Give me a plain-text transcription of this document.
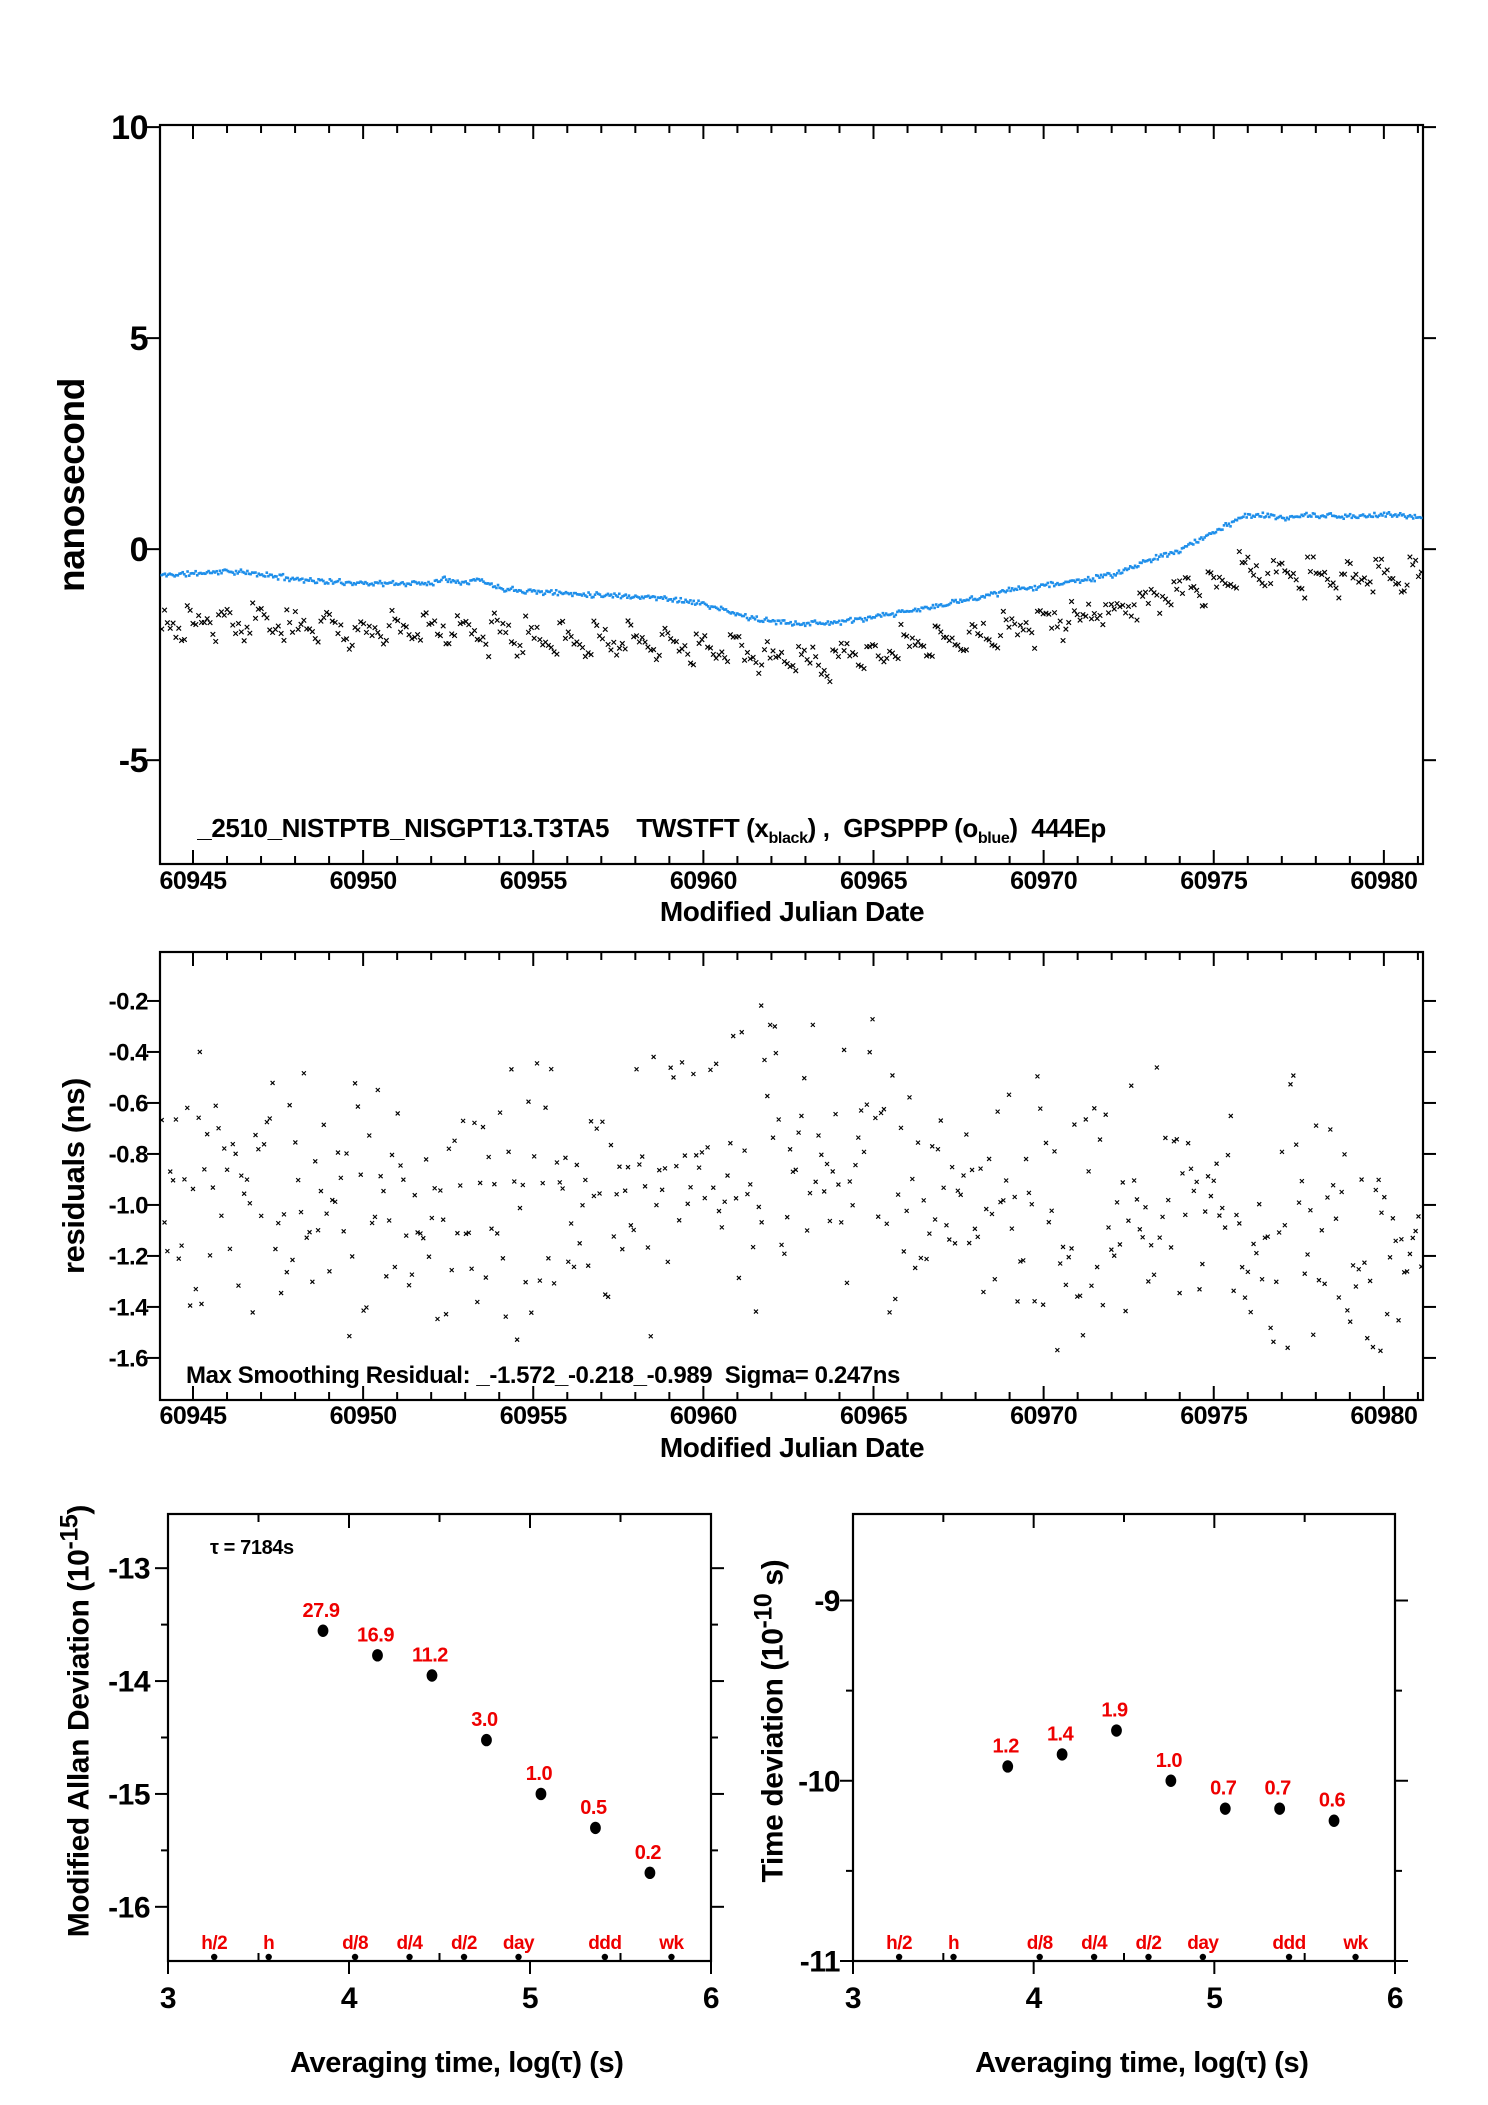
60945	60950	60955	60960	60965	60970	60975	60980
10
5
0
-5
60945	60950	60955	60960	60965	60970	60975	60980
-0.2
-0.4
-0.6
-0.8
-1.0
-1.2
-1.4
-1.6
3	4	5	6
-13
-14
-15
-16
27.9
16.9
11.2
3.0
1.0
0.5
0.2
h/2 h	d/8 d/4 d/2 day	ddd wk
3	4	5	6
-9
-10
-11
1.2
1.4
1.9
1.0
0.7 0.7
0.6
h/2 h	d/8 d/4 d/2 day	ddd wk
nanosecond

_2510_NISTPTB_NISGPT13.T3TA5 TWSTFT $(x_{black})$ ,  GPSPPP $(o_{blue})$  444Ep

Modified Julian Date
residuals (ns)
Max Smoothing Residual: _-1.572_-0.218_-0.989  Sigma= 0.247ns
Modified Julian Date

Modified Allan Deviation $(10^{-15})$

τ = 7184s

Averaging time, log(τ) (s)

Time deviation ($10^{-10}$ s)

Averaging time, log(τ) (s)
